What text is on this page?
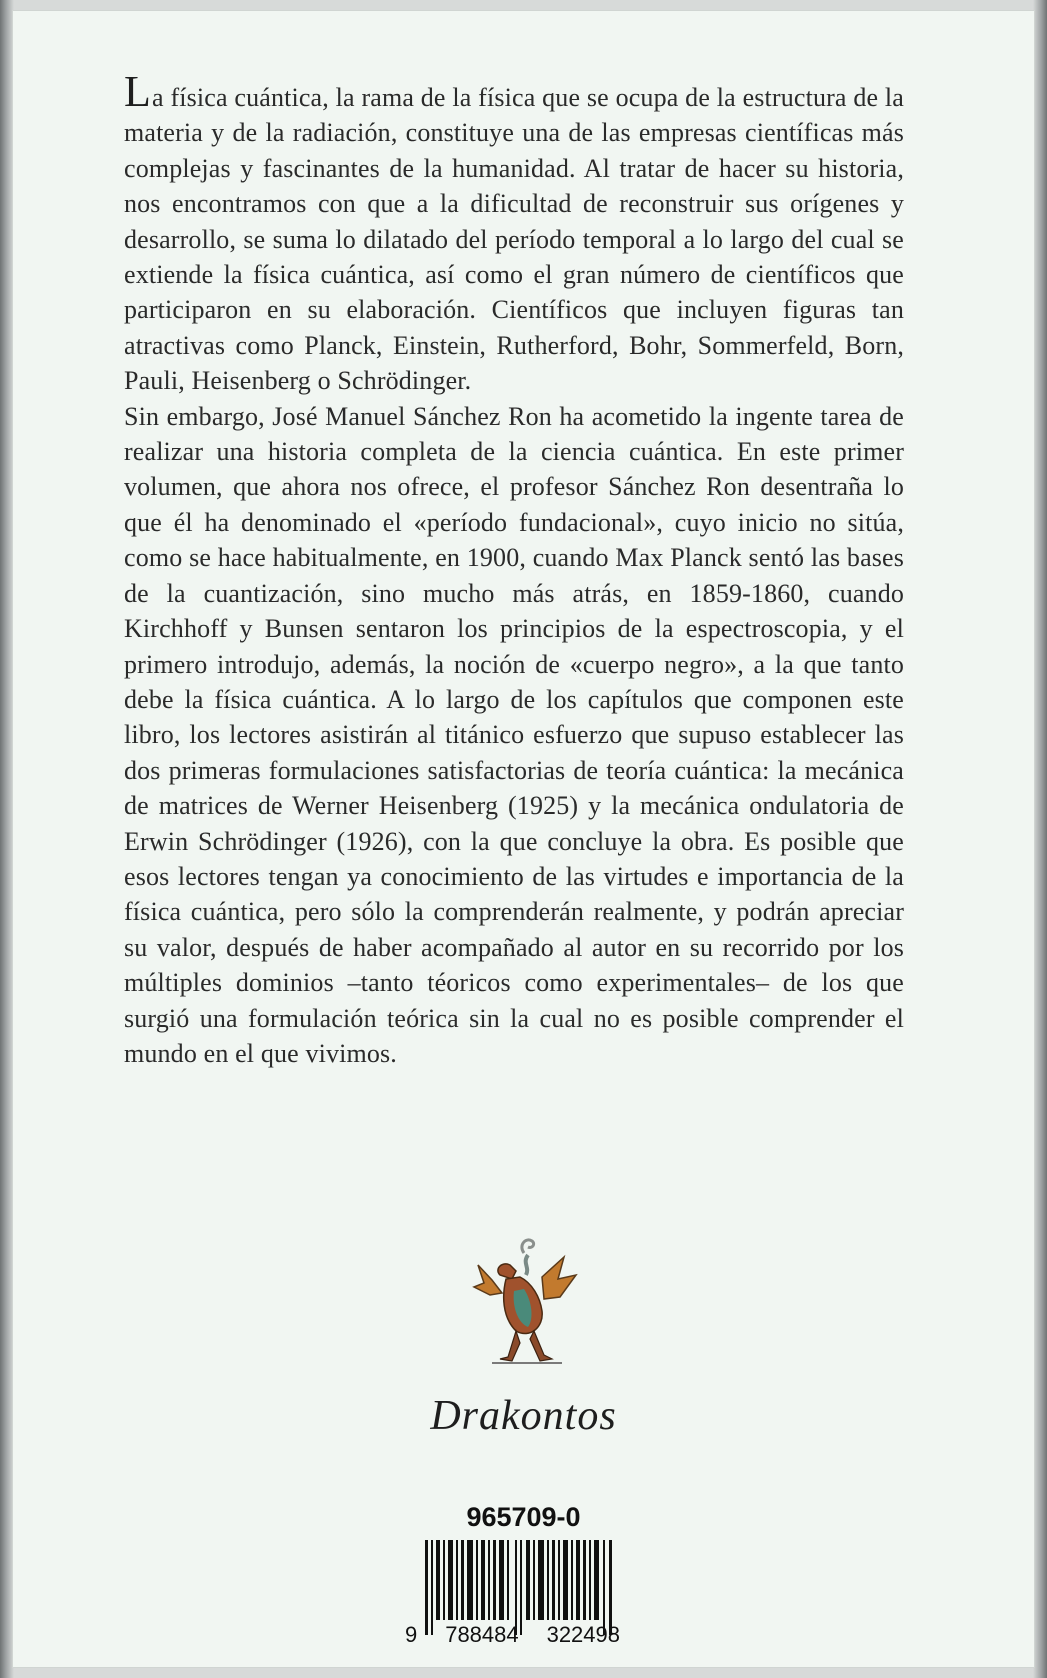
La física cuántica, la rama de la física que se ocupa de la estructura de la materia y de la radiación, constituye una de las empresas científicas más complejas y fascinantes de la humanidad. Al tratar de hacer su historia, nos encontramos con que a la dificultad de reconstruir sus orígenes y desarrollo, se suma lo dilatado del período temporal a lo largo del cual se extiende la física cuántica, así como el gran número de científicos que participaron en su elaboración. Científicos que incluyen figuras tan atractivas como Planck, Einstein, Rutherford, Bohr, Sommerfeld, Born, Pauli, Heisenberg o Schrödinger.

Sin embargo, José Manuel Sánchez Ron ha acometido la ingente tarea de realizar una historia completa de la ciencia cuántica. En este primer volumen, que ahora nos ofrece, el profesor Sánchez Ron desentraña lo que él ha denominado el «período fundacional», cuyo inicio no sitúa, como se hace habitualmente, en 1900, cuando Max Planck sentó las bases de la cuantización, sino mucho más atrás, en 1859-1860, cuando Kirchhoff y Bunsen sentaron los principios de la espectroscopia, y el primero introdujo, además, la noción de «cuerpo negro», a la que tanto debe la física cuántica. A lo largo de los capítulos que componen este libro, los lectores asistirán al titánico esfuerzo que supuso establecer las dos primeras formulaciones satisfactorias de teoría cuántica: la mecánica de matrices de Werner Heisenberg (1925) y la mecánica ondulatoria de Erwin Schrödinger (1926), con la que concluye la obra. Es posible que esos lectores tengan ya conocimiento de las virtudes e importancia de la física cuántica, pero sólo la comprenderán realmente, y podrán apreciar su valor, después de haber acompañado al autor en su recorrido por los múltiples dominios –tanto téoricos como experimentales– de los que surgió una formulación teórica sin la cual no es posible comprender el mundo en el que vivimos.

Drakontos
965709-0
9 788484 322498
